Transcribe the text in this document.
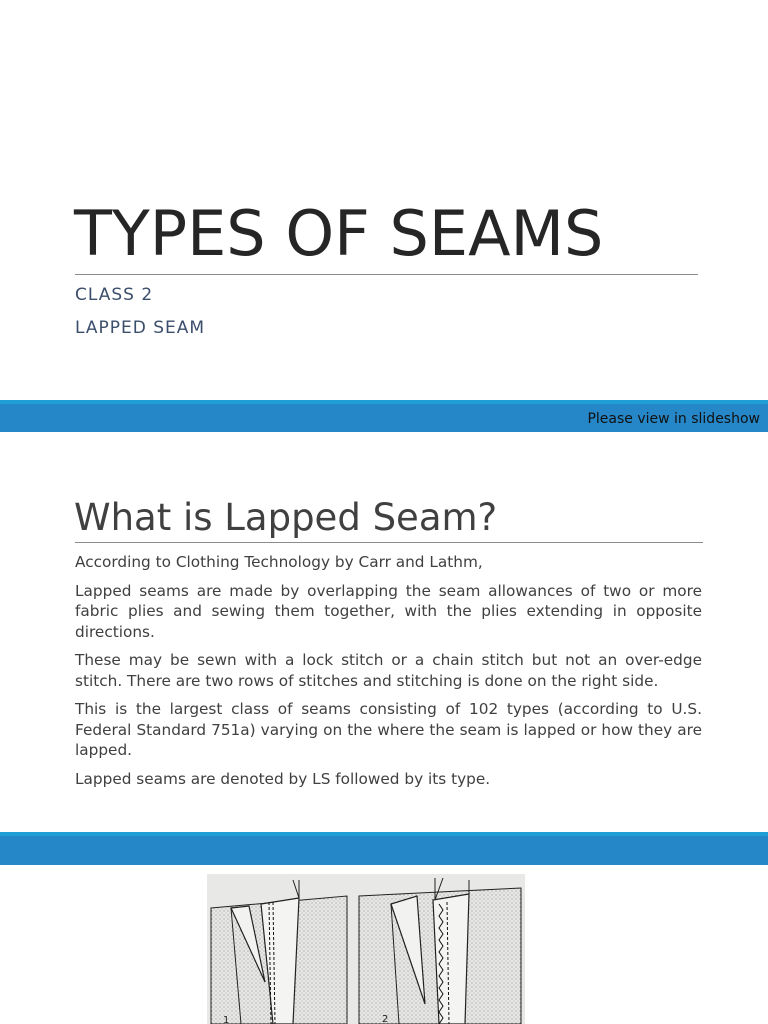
TYPES OF SEAMS

CLASS 2

LAPPED SEAM

Please view in slideshow
What is Lapped Seam?

According to Clothing Technology by Carr and Lathm,

Lapped seams are made by overlapping the seam allowances of two or more fabric plies and sewing them together, with the plies extending in opposite directions.

These may be sewn with a lock stitch or a chain stitch but not an over-edge stitch. There are two rows of stitches and stitching is done on the right side.

This is the largest class of seams consisting of 102 types (according to U.S. Federal Standard 751a) varying on the where the seam is lapped or how they are lapped.

Lapped seams are denoted by LS followed by its type.

1	2
